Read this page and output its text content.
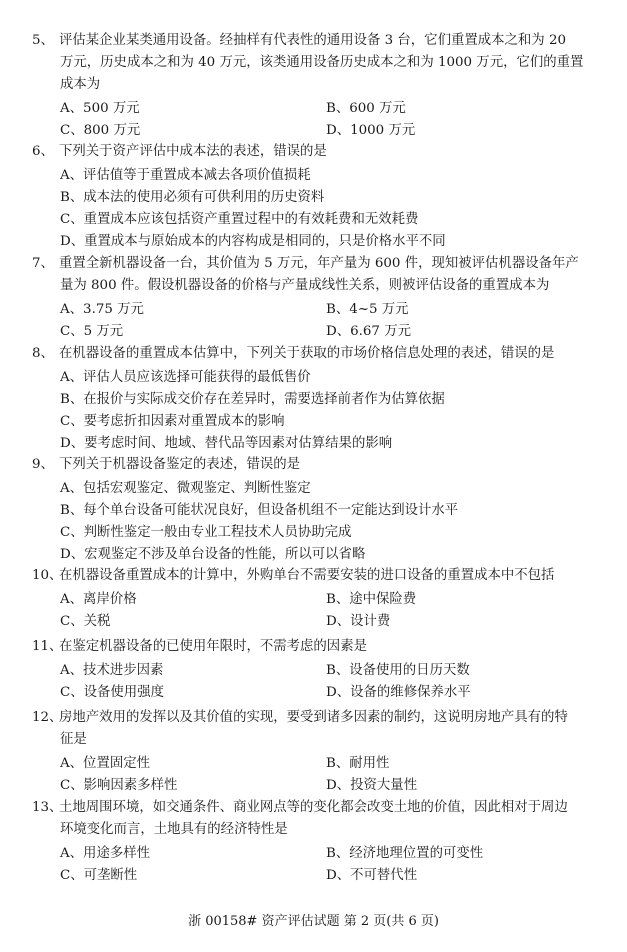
5、 评估某企业某类通用设备。经抽样有代表性的通用设备 3 台，它们重置成本之和为 20
万元，历史成本之和为 40 万元，该类通用设备历史成本之和为 1000 万元，它们的重置
成本为
A、500 万元	B、600 万元
C、800 万元	D、1000 万元
6、 下列关于资产评估中成本法的表述，错误的是
A、评估值等于重置成本减去各项价值损耗
B、成本法的使用必须有可供利用的历史资料
C、重置成本应该包括资产重置过程中的有效耗费和无效耗费
D、重置成本与原始成本的内容构成是相同的，只是价格水平不同
7、 重置全新机器设备一台，其价值为 5 万元，年产量为 600 件，现知被评估机器设备年产
量为 800 件。假设机器设备的价格与产量成线性关系，则被评估设备的重置成本为
A、3.75 万元	B、4~5 万元
C、5 万元	D、6.67 万元
8、 在机器设备的重置成本估算中，下列关于获取的市场价格信息处理的表述，错误的是
A、评估人员应该选择可能获得的最低售价
B、在报价与实际成交价存在差异时，需要选择前者作为估算依据
C、要考虑折扣因素对重置成本的影响
D、要考虑时间、地域、替代品等因素对估算结果的影响
9、 下列关于机器设备鉴定的表述，错误的是
A、包括宏观鉴定、微观鉴定、判断性鉴定
B、每个单台设备可能状况良好，但设备机组不一定能达到设计水平
C、判断性鉴定一般由专业工程技术人员协助完成
D、宏观鉴定不涉及单台设备的性能，所以可以省略
10、
在机器设备重置成本的计算中，外购单台不需要安装的进口设备的重置成本中不包括
A、离岸价格	B、途中保险费
C、关税	D、设计费
11、
在鉴定机器设备的已使用年限时，不需考虑的因素是
A、技术进步因素	B、设备使用的日历天数
C、设备使用强度	D、设备的维修保养水平
12、
房地产效用的发挥以及其价值的实现，要受到诸多因素的制约，这说明房地产具有的特
征是
A、位置固定性	B、耐用性
C、影响因素多样性	D、投资大量性
13、
土地周围环境，如交通条件、商业网点等的变化都会改变土地的价值，因此相对于周边
环境变化而言，土地具有的经济特性是
A、用途多样性	B、经济地理位置的可变性
C、可垄断性	D、不可替代性
浙 00158# 资产评估试题 第 2 页(共 6 页)
